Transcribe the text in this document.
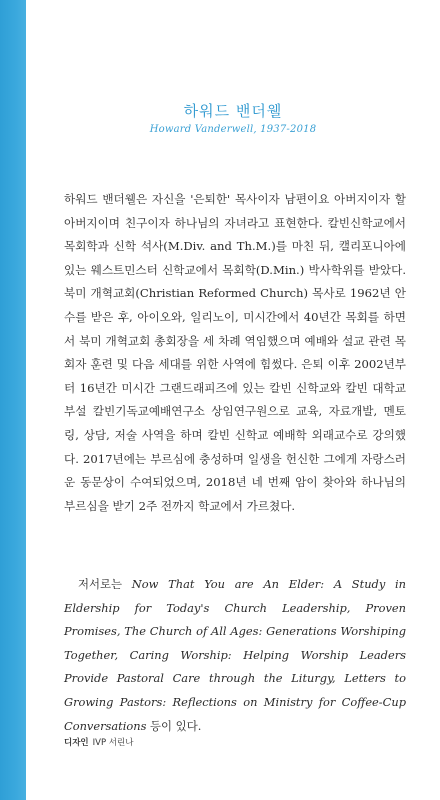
하워드 밴더웰
Howard Vanderwell, 1937-2018

하워드 밴더웰은 자신을 '은퇴한' 목사이자 남편이요 아버지이자 할아버지이며 친구이자 하나님의 자녀라고 표현한다. 칼빈신학교에서 목회학과 신학 석사(M.Div. and Th.M.)를 마친 뒤, 캘리포니아에 있는 웨스트민스터 신학교에서 목회학(D.Min.) 박사학위를 받았다. 북미 개혁교회(Christian Reformed Church) 목사로 1962년 안수를 받은 후, 아이오와, 일리노이, 미시간에서 40년간 목회를 하면서 북미 개혁교회 총회장을 세 차례 역임했으며 예배와 설교 관련 목회자 훈련 및 다음 세대를 위한 사역에 힘썼다. 은퇴 이후 2002년부터 16년간 미시간 그랜드래피즈에 있는 칼빈 신학교와 칼빈 대학교 부설 칼빈기독교예배연구소 상임연구원으로 교육, 자료개발, 멘토링, 상담, 저술 사역을 하며 칼빈 신학교 예배학 외래교수로 강의했다. 2017년에는 부르심에 충성하며 일생을 헌신한 그에게 자랑스러운 동문상이 수여되었으며, 2018년 네 번째 암이 찾아와 하나님의 부르심을 받기 2주 전까지 학교에서 가르쳤다.

저서로는 Now That You are An Elder: A Study in Eldership for Today's Church Leadership, Proven Promises, The Church of All Ages: Generations Worshiping Together, Caring Worship: Helping Worship Leaders Provide Pastoral Care through the Liturgy, Letters to Growing Pastors: Reflections on Ministry for Coffee-Cup Conversations 등이 있다.

디자인 IVP 서린나
